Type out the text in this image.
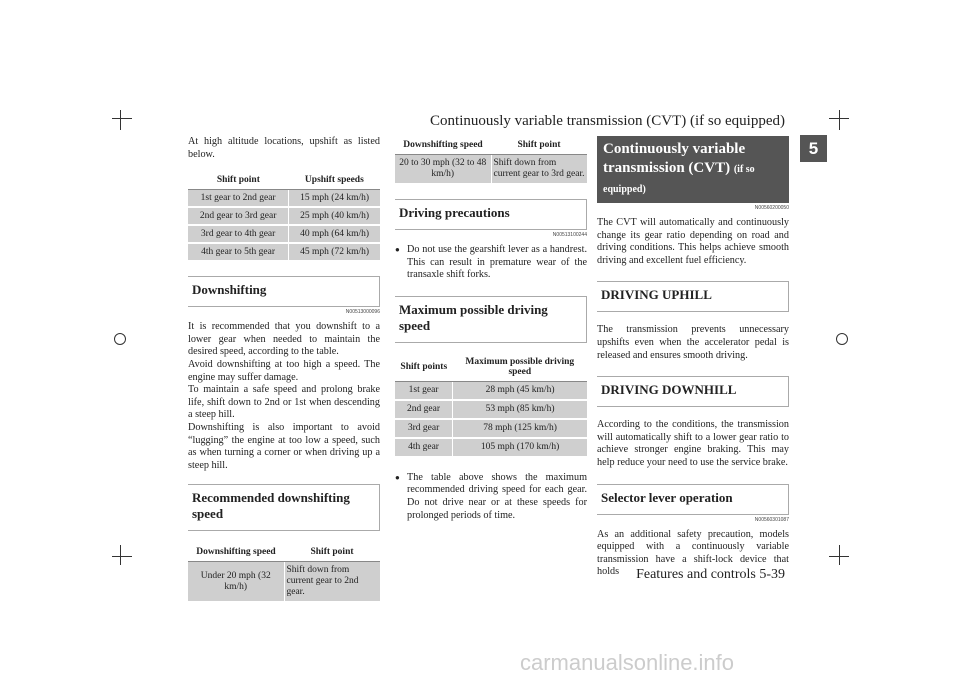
Continuously variable transmission (CVT) (if so equipped)
5
Features and controls 5-39

At high altitude locations, upshift as listed below.

Shift point	Upshift speeds
1st gear to 2nd gear	15 mph (24 km/h)
2nd gear to 3rd gear	25 mph (40 km/h)
3rd gear to 4th gear	40 mph (64 km/h)
4th gear to 5th gear	45 mph (72 km/h)
Downshifting
N00513000096

It is recommended that you downshift to a lower gear when needed to maintain the desired speed, according to the table.
Avoid downshifting at too high a speed. The engine may suffer damage.
To maintain a safe speed and prolong brake life, shift down to 2nd or 1st when descending a steep hill.
Downshifting is also important to avoid “lugging” the engine at too low a speed, such as when turning a corner or when driving up a steep hill.

Recommended downshifting speed
Downshifting speed	Shift point
Under 20 mph (32 km/h)	Shift down from current gear to 2nd gear.
Downshifting speed	Shift point
20 to 30 mph (32 to 48 km/h)	Shift down from current gear to 3rd gear.
Driving precautions
N00513100244

● Do not use the gearshift lever as a handrest. This can result in premature wear of the transaxle shift forks.

Maximum possible driving speed
Shift points	Maximum possible driving speed
1st gear	28 mph (45 km/h)
2nd gear	53 mph (85 km/h)
3rd gear	78 mph (125 km/h)
4th gear	105 mph (170 km/h)

● The table above shows the maximum recommended driving speed for each gear. Do not drive near or at these speeds for prolonged periods of time.

Continuously variable transmission (CVT) (if so equipped)
N00560200050

The CVT will automatically and continuously change its gear ratio depending on road and driving conditions. This helps achieve smooth driving and excellent fuel efficiency.

DRIVING UPHILL

The transmission prevents unnecessary upshifts even when the accelerator pedal is released and ensures smooth driving.

DRIVING DOWNHILL

According to the conditions, the transmission will automatically shift to a lower gear ratio to achieve stronger engine braking. This may help reduce your need to use the service brake.

Selector lever operation
N00560301087

As an additional safety precaution, models equipped with a continuously variable transmission have a shift-lock device that holds

carmanualsonline.info
